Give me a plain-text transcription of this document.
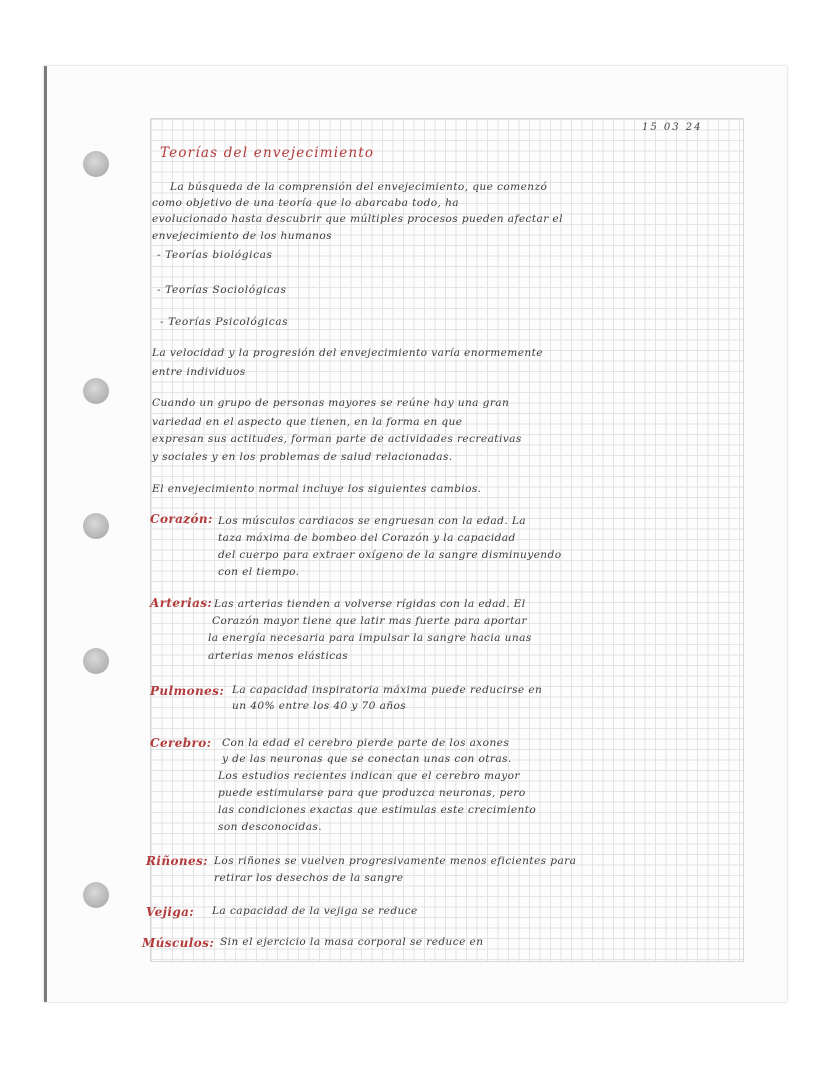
15 03 24
Teorías del envejecimiento
La búsqueda de la comprensión del envejecimiento, que comenzó
como objetivo de una teoría que lo abarcaba todo, ha
evolucionado hasta descubrir que múltiples procesos pueden afectar el
envejecimiento de los humanos
- Teorías biológicas
- Teorías Sociológicas
- Teorías Psicológicas
La velocidad y la progresión del envejecimiento varía enormemente
entre individuos
Cuando un grupo de personas mayores se reúne hay una gran
variedad en el aspecto que tienen, en la forma en que
expresan sus actitudes, forman parte de actividades recreativas
y sociales y en los problemas de salud relacionadas.
El envejecimiento normal incluye los siguientes cambios.
Corazón: Los músculos cardiacos se engruesan con la edad. La
taza máxima de bombeo del Corazón y la capacidad
del cuerpo para extraer oxígeno de la sangre disminuyendo
con el tiempo.
Arterias: Las arterias tienden a volverse rígidas con la edad. El
Corazón mayor tiene que latir mas fuerte para aportar
la energía necesaria para impulsar la sangre hacia unas
arterias menos elásticas
Pulmones: La capacidad inspiratoria máxima puede reducirse en
un 40% entre los 40 y 70 años
Cerebro: Con la edad el cerebro pierde parte de los axones
y de las neuronas que se conectan unas con otras.
Los estudios recientes indican que el cerebro mayor
puede estimularse para que produzca neuronas, pero
las condiciones exactas que estimulas este crecimiento
son desconocidas.
Riñones: Los riñones se vuelven progresivamente menos eficientes para
retirar los desechos de la sangre
Vejiga: La capacidad de la vejiga se reduce
Músculos: Sin el ejercicio la masa corporal se reduce en
